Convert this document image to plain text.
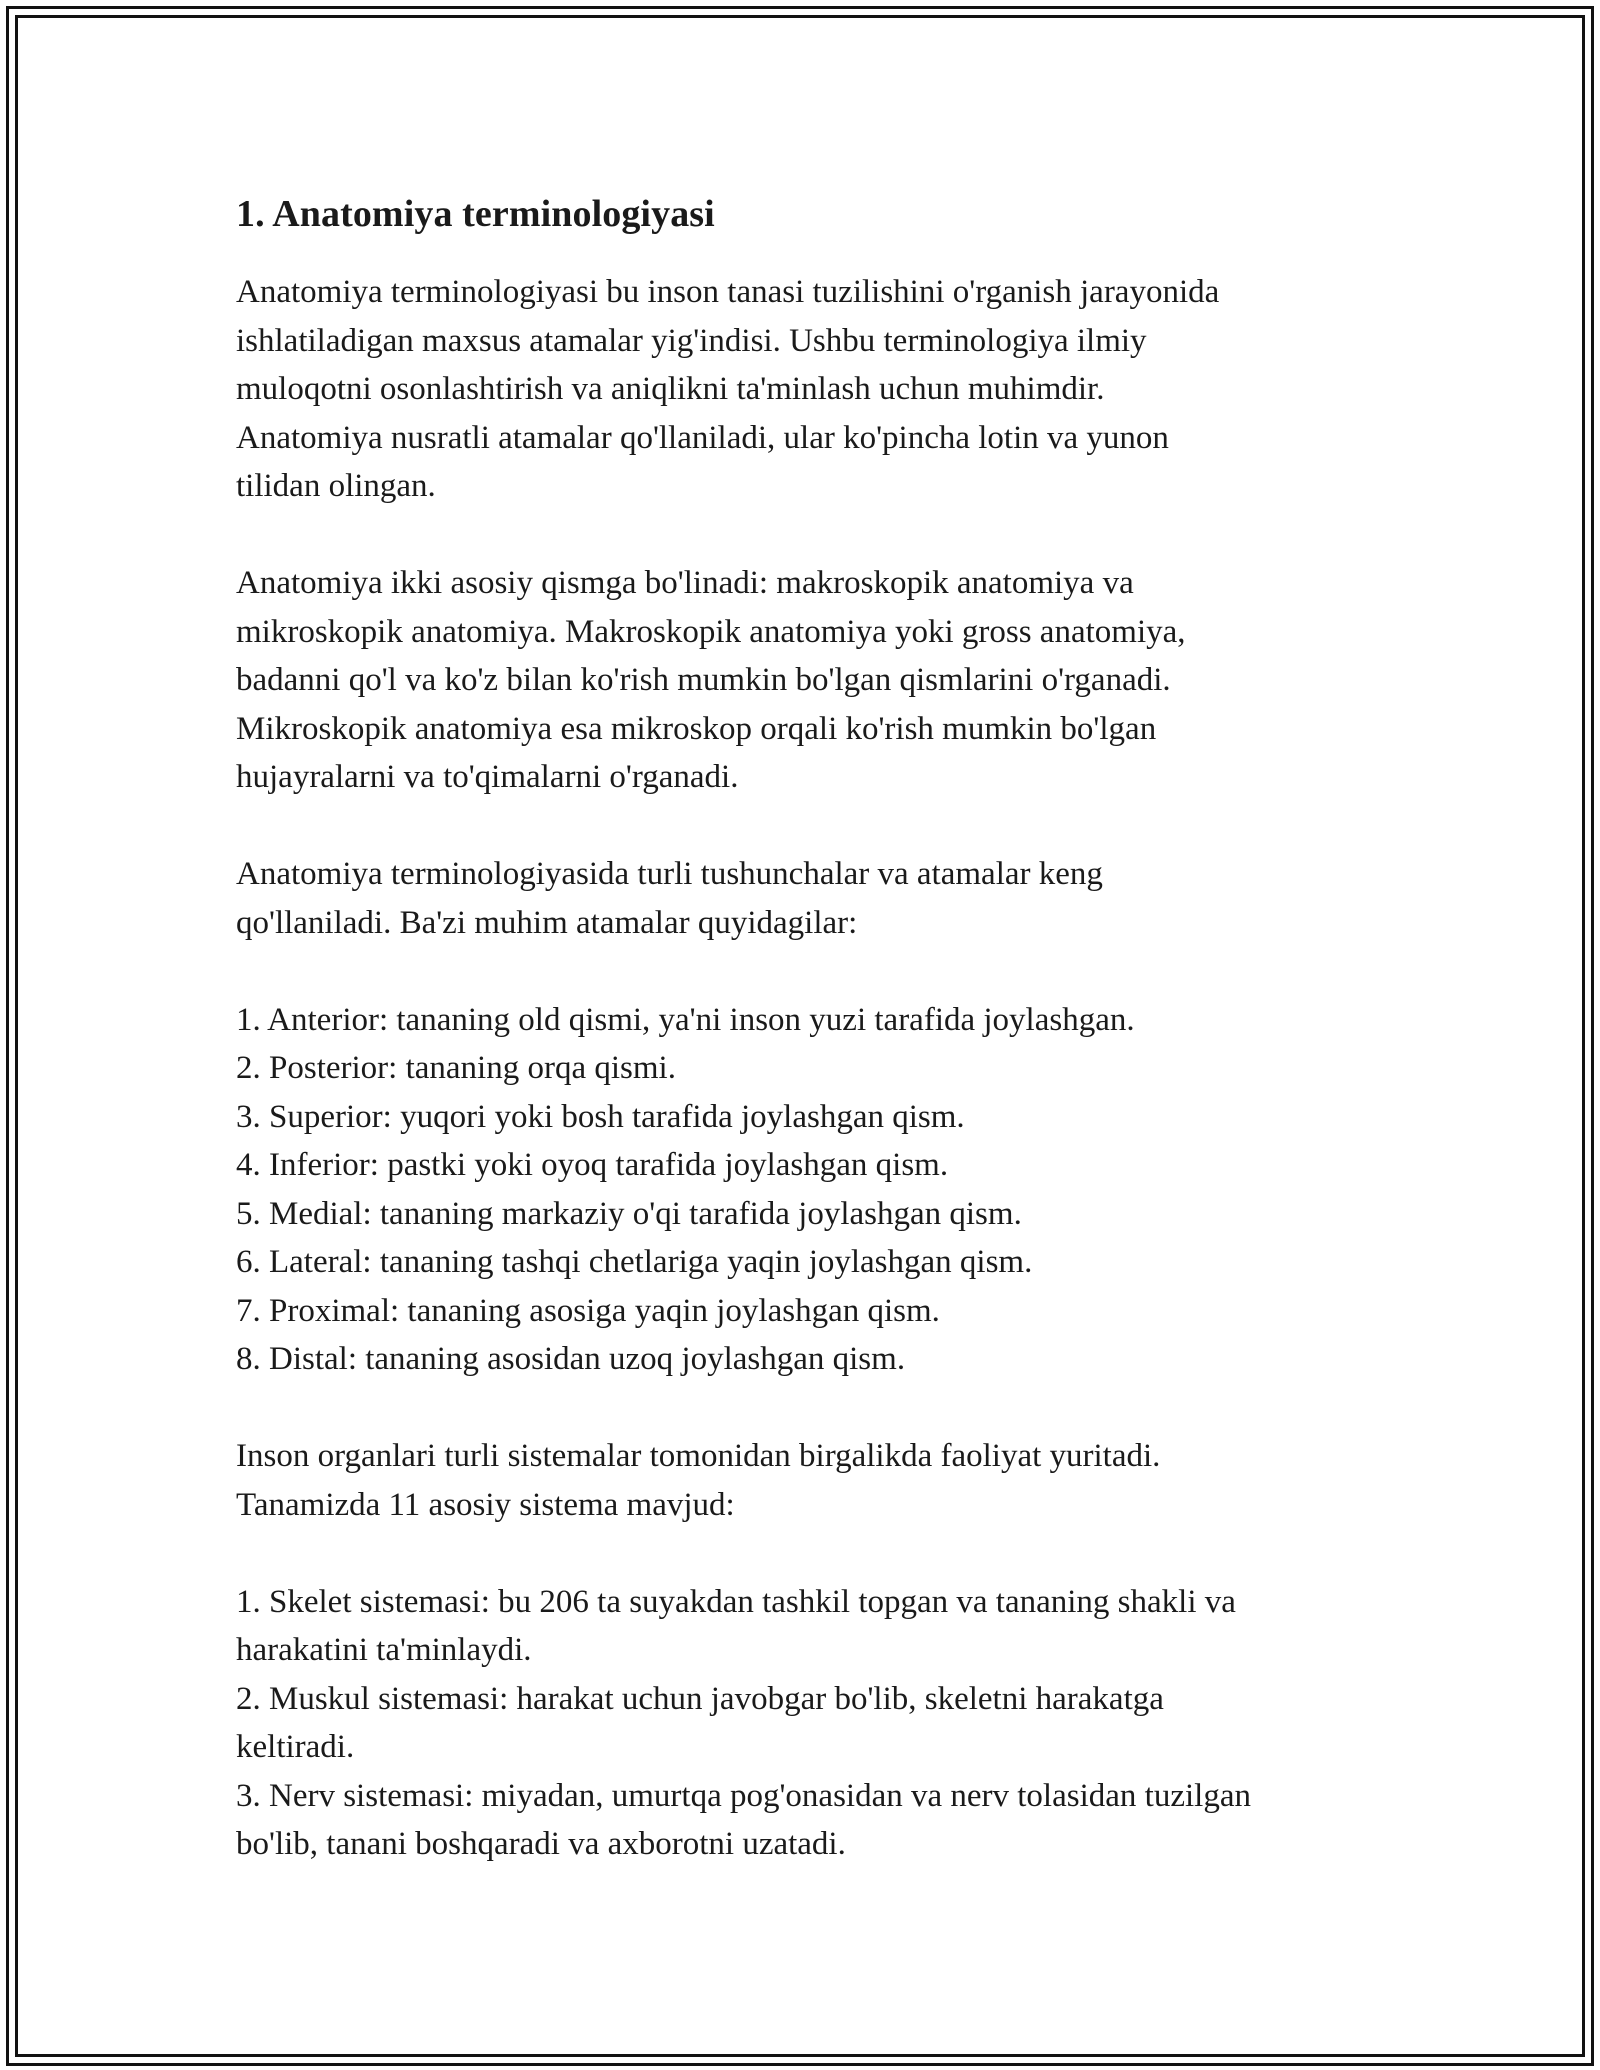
1. Anatomiya terminologiyasi

Anatomiya terminologiyasi bu inson tanasi tuzilishini o'rganish jarayonida
ishlatiladigan maxsus atamalar yig'indisi. Ushbu terminologiya ilmiy
muloqotni osonlashtirish va aniqlikni ta'minlash uchun muhimdir.
Anatomiya nusratli atamalar qo'llaniladi, ular ko'pincha lotin va yunon
tilidan olingan.

Anatomiya ikki asosiy qismga bo'linadi: makroskopik anatomiya va
mikroskopik anatomiya. Makroskopik anatomiya yoki gross anatomiya,
badanni qo'l va ko'z bilan ko'rish mumkin bo'lgan qismlarini o'rganadi.
Mikroskopik anatomiya esa mikroskop orqali ko'rish mumkin bo'lgan
hujayralarni va to'qimalarni o'rganadi.

Anatomiya terminologiyasida turli tushunchalar va atamalar keng
qo'llaniladi. Ba'zi muhim atamalar quyidagilar:

1. Anterior: tananing old qismi, ya'ni inson yuzi tarafida joylashgan.
2. Posterior: tananing orqa qismi.
3. Superior: yuqori yoki bosh tarafida joylashgan qism.
4. Inferior: pastki yoki oyoq tarafida joylashgan qism.
5. Medial: tananing markaziy o'qi tarafida joylashgan qism.
6. Lateral: tananing tashqi chetlariga yaqin joylashgan qism.
7. Proximal: tananing asosiga yaqin joylashgan qism.
8. Distal: tananing asosidan uzoq joylashgan qism.

Inson organlari turli sistemalar tomonidan birgalikda faoliyat yuritadi.
Tanamizda 11 asosiy sistema mavjud:

1. Skelet sistemasi: bu 206 ta suyakdan tashkil topgan va tananing shakli va
harakatini ta'minlaydi.
2. Muskul sistemasi: harakat uchun javobgar bo'lib, skeletni harakatga
keltiradi.
3. Nerv sistemasi: miyadan, umurtqa pog'onasidan va nerv tolasidan tuzilgan
bo'lib, tanani boshqaradi va axborotni uzatadi.
